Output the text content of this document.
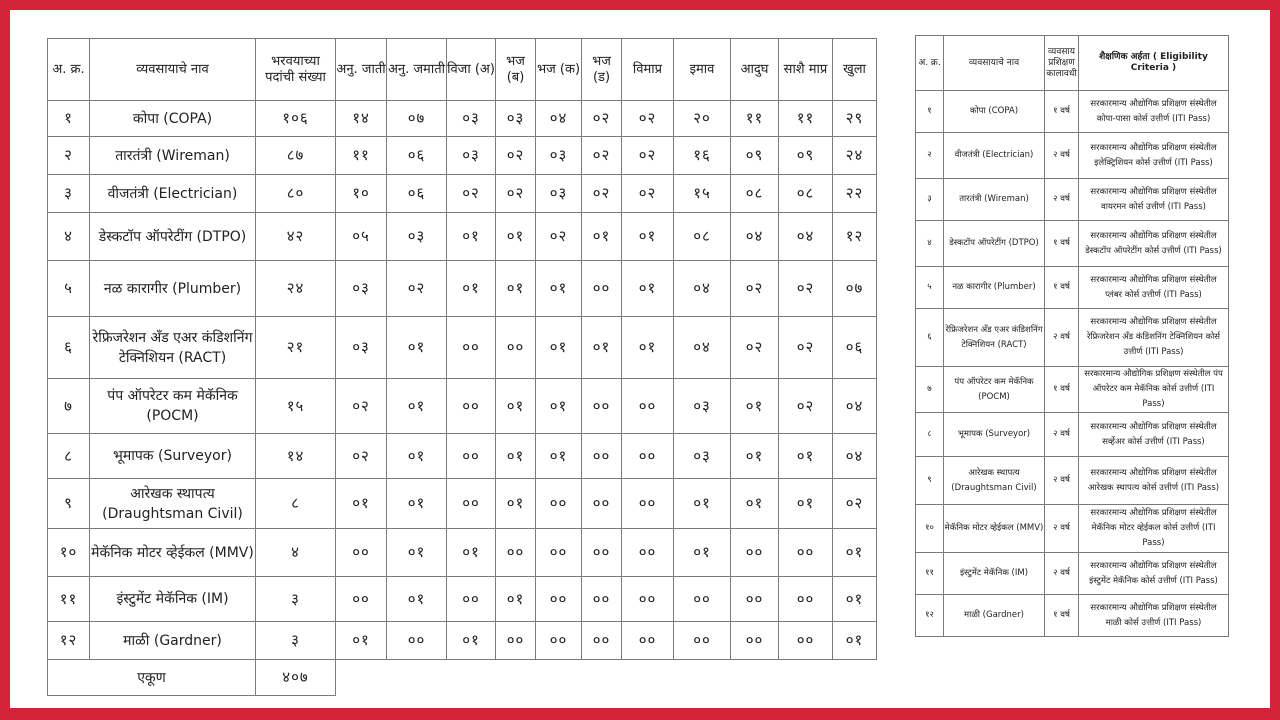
अ. क्र.	व्यवसायाचे नाव	भरवयाच्या पदांची संख्या	अनु. जाती	अनु. जमाती	विजा (अ)	भज (ब)	भज (क)	भज (ड)	विमाप्र	इमाव	आदुघ	साशै माप्र	खुला
१	कोपा (COPA)	१०६	१४	०७	०३	०३	०४	०२	०२	२०	११	११	२९
२	तारतंत्री (Wireman)	८७	११	०६	०३	०२	०३	०२	०२	१६	०९	०९	२४
३	वीजतंत्री (Electrician)	८०	१०	०६	०२	०२	०३	०२	०२	१५	०८	०८	२२
४	डेस्कटॉप ऑपरेटींग (DTPO)	४२	०५	०३	०१	०१	०२	०१	०१	०८	०४	०४	१२
५	नळ कारागीर (Plumber)	२४	०३	०२	०१	०१	०१	००	०१	०४	०२	०२	०७
६	रेफ्रिजरेशन अँड एअर कंडिशनिंग टेक्निशियन (RACT)	२१	०३	०१	००	००	०१	०१	०१	०४	०२	०२	०६
७	पंप ऑपरेटर कम मेकॅनिक (POCM)	१५	०२	०१	००	०१	०१	००	००	०३	०१	०२	०४
८	भूमापक (Surveyor)	१४	०२	०१	००	०१	०१	००	००	०३	०१	०१	०४
९	आरेखक स्थापत्य (Draughtsman Civil)	८	०१	०१	००	०१	००	००	००	०१	०१	०१	०२
१०	मेकॅनिक मोटर व्हेईकल (MMV)	४	००	०१	०१	००	००	००	००	०१	००	००	०१
११	इंस्टुमेंट मेकॅनिक (IM)	३	००	०१	००	०१	००	००	००	००	००	००	०१
१२	माळी (Gardner)	३	०१	००	०१	००	००	००	००	००	००	००	०१
एकूण		४०७											
अ. क्र.	व्यवसायाचे नाव	व्यवसाय प्रशिक्षण कालावधी	शैक्षणिक अर्हता ( Eligibility Criteria )
१	कोपा (COPA)	१ वर्ष	सरकारमान्य औद्योगिक प्रशिक्षण संस्थेतील कोपा-पासा कोर्स उत्तीर्ण (ITI Pass)
२	वीजतंत्री (Electrician)	२ वर्ष	सरकारमान्य औद्योगिक प्रशिक्षण संस्थेतील इलेक्ट्रिशियन कोर्स उत्तीर्ण (ITI Pass)
३	तारतंत्री (Wireman)	२ वर्ष	सरकारमान्य औद्योगिक प्रशिक्षण संस्थेतील वायरमन कोर्स उत्तीर्ण (ITI Pass)
४	डेस्कटॉप ऑपरेटींग (DTPO)	१ वर्ष	सरकारमान्य औद्योगिक प्रशिक्षण संस्थेतील डेस्कटॉप ऑपरेटींग कोर्स उत्तीर्ण (ITI Pass)
५	नळ कारागीर (Plumber)	१ वर्ष	सरकारमान्य औद्योगिक प्रशिक्षण संस्थेतील प्लंबर कोर्स उत्तीर्ण (ITI Pass)
६	रेफ्रिजरेशन अँड एअर कंडिशनिंग टेक्निशियन (RACT)	२ वर्ष	सरकारमान्य औद्योगिक प्रशिक्षण संस्थेतील रेफ्रिजरेशन अँड कंडिशनिंग टेक्निशियन कोर्स उत्तीर्ण (ITI Pass)
७	पंप ऑपरेटर कम मेकॅनिक (POCM)	१ वर्ष	सरकारमान्य औद्योगिक प्रशिक्षण संस्थेतील पंप ऑपरेटर कम मेकॅनिक कोर्स उत्तीर्ण (ITI Pass)
८	भूमापक (Surveyor)	२ वर्ष	सरकारमान्य औद्योगिक प्रशिक्षण संस्थेतील सर्व्हेअर कोर्स उत्तीर्ण (ITI Pass)
९	आरेखक स्थापत्य (Draughtsman Civil)	२ वर्ष	सरकारमान्य औद्योगिक प्रशिक्षण संस्थेतील आरेखक स्थापत्य कोर्स उत्तीर्ण (ITI Pass)
१०	मेकॅनिक मोटर व्हेईकल (MMV)	२ वर्ष	सरकारमान्य औद्योगिक प्रशिक्षण संस्थेतील मेकॅनिक मोटर व्हेईकल कोर्स उत्तीर्ण (ITI Pass)
११	इंस्टुमेंट मेकॅनिक (IM)	२ वर्ष	सरकारमान्य औद्योगिक प्रशिक्षण संस्थेतील इंस्टुमेंट मेकॅनिक कोर्स उत्तीर्ण (ITI Pass)
१२	माळी (Gardner)	१ वर्ष	सरकारमान्य औद्योगिक प्रशिक्षण संस्थेतील माळी कोर्स उत्तीर्ण (ITI Pass)
